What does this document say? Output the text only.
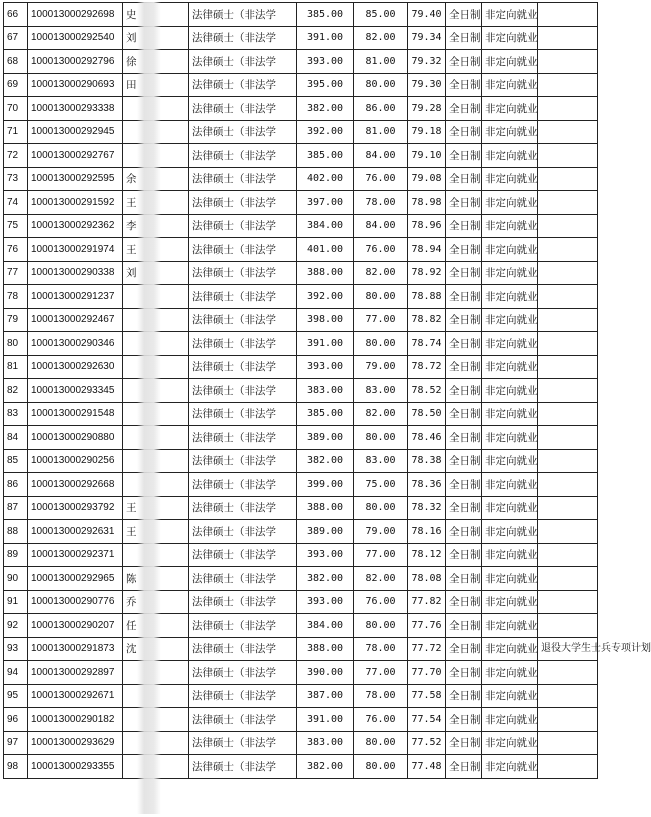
66	100013000292698	史	法律硕士（非法学	385.00	85.00	79.40	全日制	非定向就业	
67	100013000292540	刘	法律硕士（非法学	391.00	82.00	79.34	全日制	非定向就业	
68	100013000292796	徐	法律硕士（非法学	393.00	81.00	79.32	全日制	非定向就业	
69	100013000290693	田	法律硕士（非法学	395.00	80.00	79.30	全日制	非定向就业	
70	100013000293338		法律硕士（非法学	382.00	86.00	79.28	全日制	非定向就业	
71	100013000292945		法律硕士（非法学	392.00	81.00	79.18	全日制	非定向就业	
72	100013000292767		法律硕士（非法学	385.00	84.00	79.10	全日制	非定向就业	
73	100013000292595	余	法律硕士（非法学	402.00	76.00	79.08	全日制	非定向就业	
74	100013000291592	王	法律硕士（非法学	397.00	78.00	78.98	全日制	非定向就业	
75	100013000292362	李	法律硕士（非法学	384.00	84.00	78.96	全日制	非定向就业	
76	100013000291974	王	法律硕士（非法学	401.00	76.00	78.94	全日制	非定向就业	
77	100013000290338	刘	法律硕士（非法学	388.00	82.00	78.92	全日制	非定向就业	
78	100013000291237		法律硕士（非法学	392.00	80.00	78.88	全日制	非定向就业	
79	100013000292467		法律硕士（非法学	398.00	77.00	78.82	全日制	非定向就业	
80	100013000290346		法律硕士（非法学	391.00	80.00	78.74	全日制	非定向就业	
81	100013000292630		法律硕士（非法学	393.00	79.00	78.72	全日制	非定向就业	
82	100013000293345		法律硕士（非法学	383.00	83.00	78.52	全日制	非定向就业	
83	100013000291548		法律硕士（非法学	385.00	82.00	78.50	全日制	非定向就业	
84	100013000290880		法律硕士（非法学	389.00	80.00	78.46	全日制	非定向就业	
85	100013000290256		法律硕士（非法学	382.00	83.00	78.38	全日制	非定向就业	
86	100013000292668		法律硕士（非法学	399.00	75.00	78.36	全日制	非定向就业	
87	100013000293792	王	法律硕士（非法学	388.00	80.00	78.32	全日制	非定向就业	
88	100013000292631	王	法律硕士（非法学	389.00	79.00	78.16	全日制	非定向就业	
89	100013000292371		法律硕士（非法学	393.00	77.00	78.12	全日制	非定向就业	
90	100013000292965	陈	法律硕士（非法学	382.00	82.00	78.08	全日制	非定向就业	
91	100013000290776	乔	法律硕士（非法学	393.00	76.00	77.82	全日制	非定向就业	
92	100013000290207	任	法律硕士（非法学	384.00	80.00	77.76	全日制	非定向就业	
93	100013000291873	沈	法律硕士（非法学	388.00	78.00	77.72	全日制	非定向就业	退役大学生士兵专项计划
94	100013000292897		法律硕士（非法学	390.00	77.00	77.70	全日制	非定向就业	
95	100013000292671		法律硕士（非法学	387.00	78.00	77.58	全日制	非定向就业	
96	100013000290182		法律硕士（非法学	391.00	76.00	77.54	全日制	非定向就业	
97	100013000293629		法律硕士（非法学	383.00	80.00	77.52	全日制	非定向就业	
98	100013000293355		法律硕士（非法学	382.00	80.00	77.48	全日制	非定向就业	
